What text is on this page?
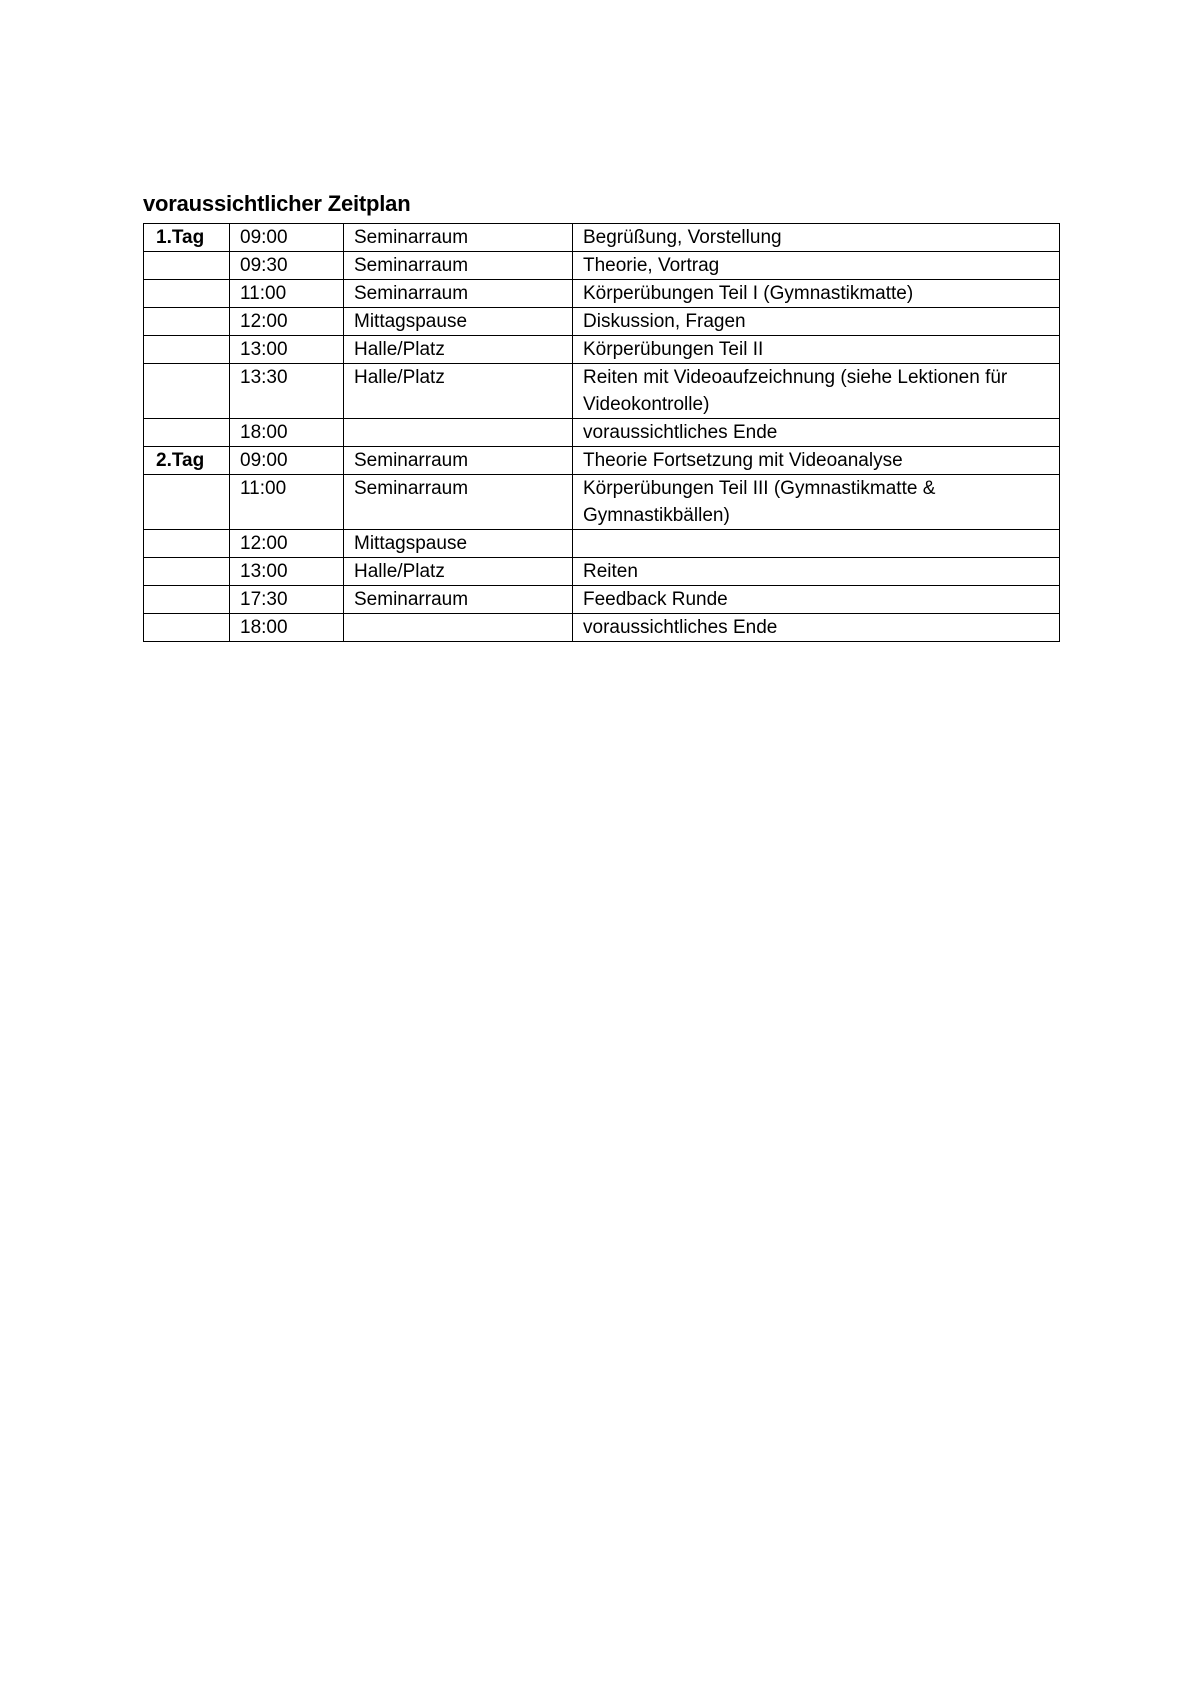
voraussichtlicher Zeitplan
1.Tag	09:00	Seminarraum	Begrüßung, Vorstellung
	09:30	Seminarraum	Theorie, Vortrag
	11:00	Seminarraum	Körperübungen Teil I (Gymnastikmatte)
	12:00	Mittagspause	Diskussion, Fragen
	13:00	Halle/Platz	Körperübungen Teil II
	13:30	Halle/Platz	Reiten mit Videoaufzeichnung (siehe Lektionen für Videokontrolle)
	18:00		voraussichtliches Ende
2.Tag	09:00	Seminarraum	Theorie Fortsetzung mit Videoanalyse
	11:00	Seminarraum	Körperübungen Teil III (Gymnastikmatte & Gymnastikbällen)
	12:00	Mittagspause	
	13:00	Halle/Platz	Reiten
	17:30	Seminarraum	Feedback Runde
	18:00		voraussichtliches Ende
